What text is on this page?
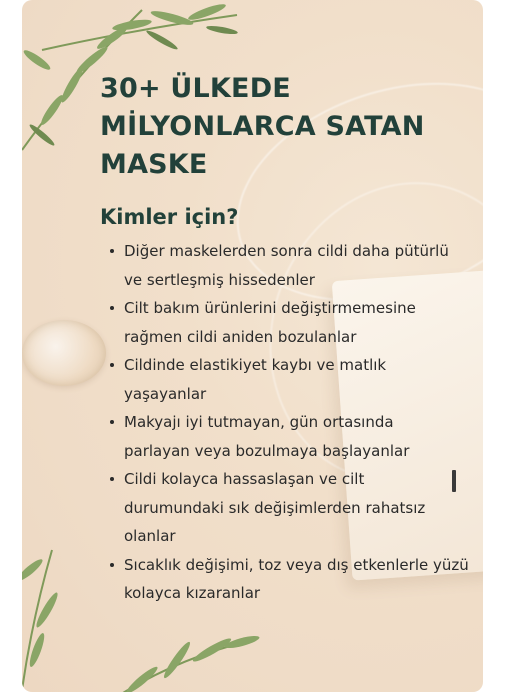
30+ ÜLKEDE
MİLYONLARCA SATAN
MASKE
Kimler için?
Diğer maskelerden sonra cildi daha pütürlü
ve sertleşmiş hissedenler
Cilt bakım ürünlerini değiştirmemesine
rağmen cildi aniden bozulanlar
Cildinde elastikiyet kaybı ve matlık
yaşayanlar
Makyajı iyi tutmayan, gün ortasında
parlayan veya bozulmaya başlayanlar
Cildi kolayca hassaslaşan ve cilt
durumundaki sık değişimlerden rahatsız
olanlar
Sıcaklık değişimi, toz veya dış etkenlerle yüzü
kolayca kızaranlar
